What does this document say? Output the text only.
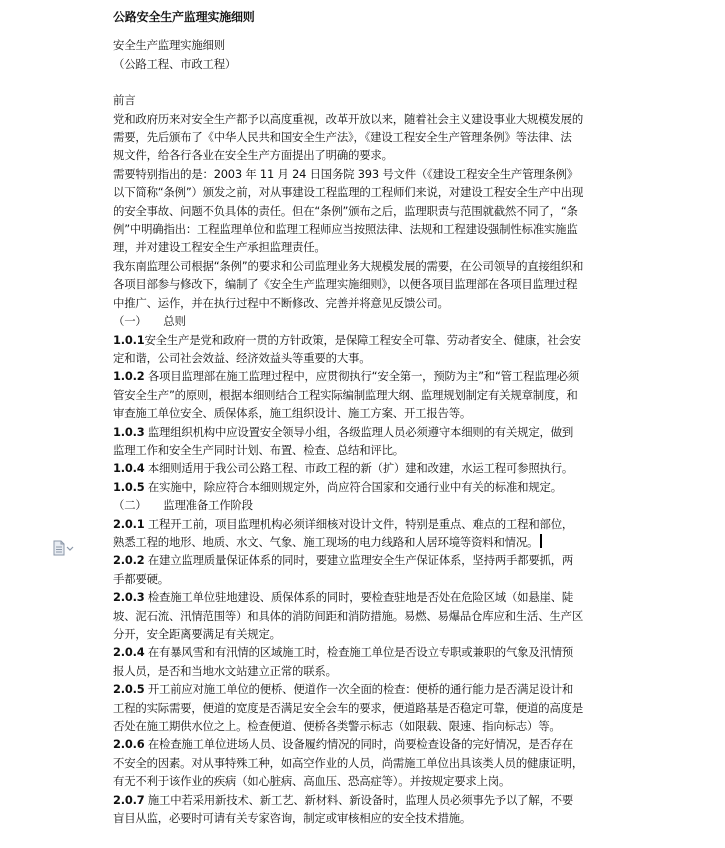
公路安全生产监理实施细则
安全生产监理实施细则
（公路工程、市政工程）
前言
党和政府历来对安全生产都予以高度重视，改革开放以来，随着社会主义建设事业大规模发展的
需要，先后颁布了《中华人民共和国安全生产法》，《建设工程安全生产管理条例》等法律、法
规文件，给各行各业在安全生产方面提出了明确的要求。
需要特别指出的是：2003 年 11 月 24 日国务院 393 号文件（《建设工程安全生产管理条例》
以下简称“条例”）颁发之前，对从事建设工程监理的工程师们来说，对建设工程安全生产中出现
的安全事故、问题不负具体的责任。但在“条例”颁布之后，监理职责与范围就截然不同了，“条
例”中明确指出：工程监理单位和监理工程师应当按照法律、法规和工程建设强制性标准实施监
理，并对建设工程安全生产承担监理责任。
我东南监理公司根据“条例”的要求和公司监理业务大规模发展的需要，在公司领导的直接组织和
各项目部参与修改下，编制了《安全生产监理实施细则》，以便各项目监理部在各项目监理过程
中推广、运作，并在执行过程中不断修改、完善并将意见反馈公司。
（一）　　总则
1.0.1安全生产是党和政府一贯的方针政策，是保障工程安全可靠、劳动者安全、健康，社会安
定和谐，公司社会效益、经济效益头等重要的大事。
1.0.2 各项目监理部在施工监理过程中，应贯彻执行“安全第一，预防为主”和“管工程监理必须
管安全生产”的原则，根据本细则结合工程实际编制监理大纲、监理规划制定有关规章制度，和
审查施工单位安全、质保体系，施工组织设计、施工方案、开工报告等。
1.0.3 监理组织机构中应设置安全领导小组，各级监理人员必须遵守本细则的有关规定，做到
监理工作和安全生产同时计划、布置、检查、总结和评比。
1.0.4 本细则适用于我公司公路工程、市政工程的新（扩）建和改建，水运工程可参照执行。
1.0.5 在实施中，除应符合本细则规定外，尚应符合国家和交通行业中有关的标准和规定。
（二）　　监理准备工作阶段
2.0.1 工程开工前，项目监理机构必须详细核对设计文件，特别是重点、难点的工程和部位，
熟悉工程的地形、地质、水文、气象、施工现场的电力线路和人居环境等资料和情况。
2.0.2 在建立监理质量保证体系的同时，要建立监理安全生产保证体系，坚持两手都要抓，两
手都要硬。
2.0.3 检查施工单位驻地建设、质保体系的同时，要检查驻地是否处在危险区域（如悬崖、陡
坡、泥石流、汛情范围等）和具体的消防间距和消防措施。易燃、易爆品仓库应和生活、生产区
分开，安全距离要满足有关规定。
2.0.4 在有暴风雪和有汛情的区域施工时，检查施工单位是否设立专职或兼职的气象及汛情预
报人员，是否和当地水文站建立正常的联系。
2.0.5 开工前应对施工单位的便桥、便道作一次全面的检查：便桥的通行能力是否满足设计和
工程的实际需要，便道的宽度是否满足安全会车的要求，便道路基是否稳定可靠，便道的高度是
否处在施工期供水位之上。检查便道、便桥各类警示标志（如限载、限速、指向标志）等。
2.0.6 在检查施工单位进场人员、设备履约情况的同时，尚要检查设备的完好情况，是否存在
不安全的因素。对从事特殊工种，如高空作业的人员，尚需施工单位出具该类人员的健康证明，
有无不利于该作业的疾病（如心脏病、高血压、恐高症等）。并按规定要求上岗。
2.0.7 施工中若采用新技术、新工艺、新材料、新设备时，监理人员必须事先予以了解，不要
盲目从监，必要时可请有关专家咨询，制定或审核相应的安全技术措施。
